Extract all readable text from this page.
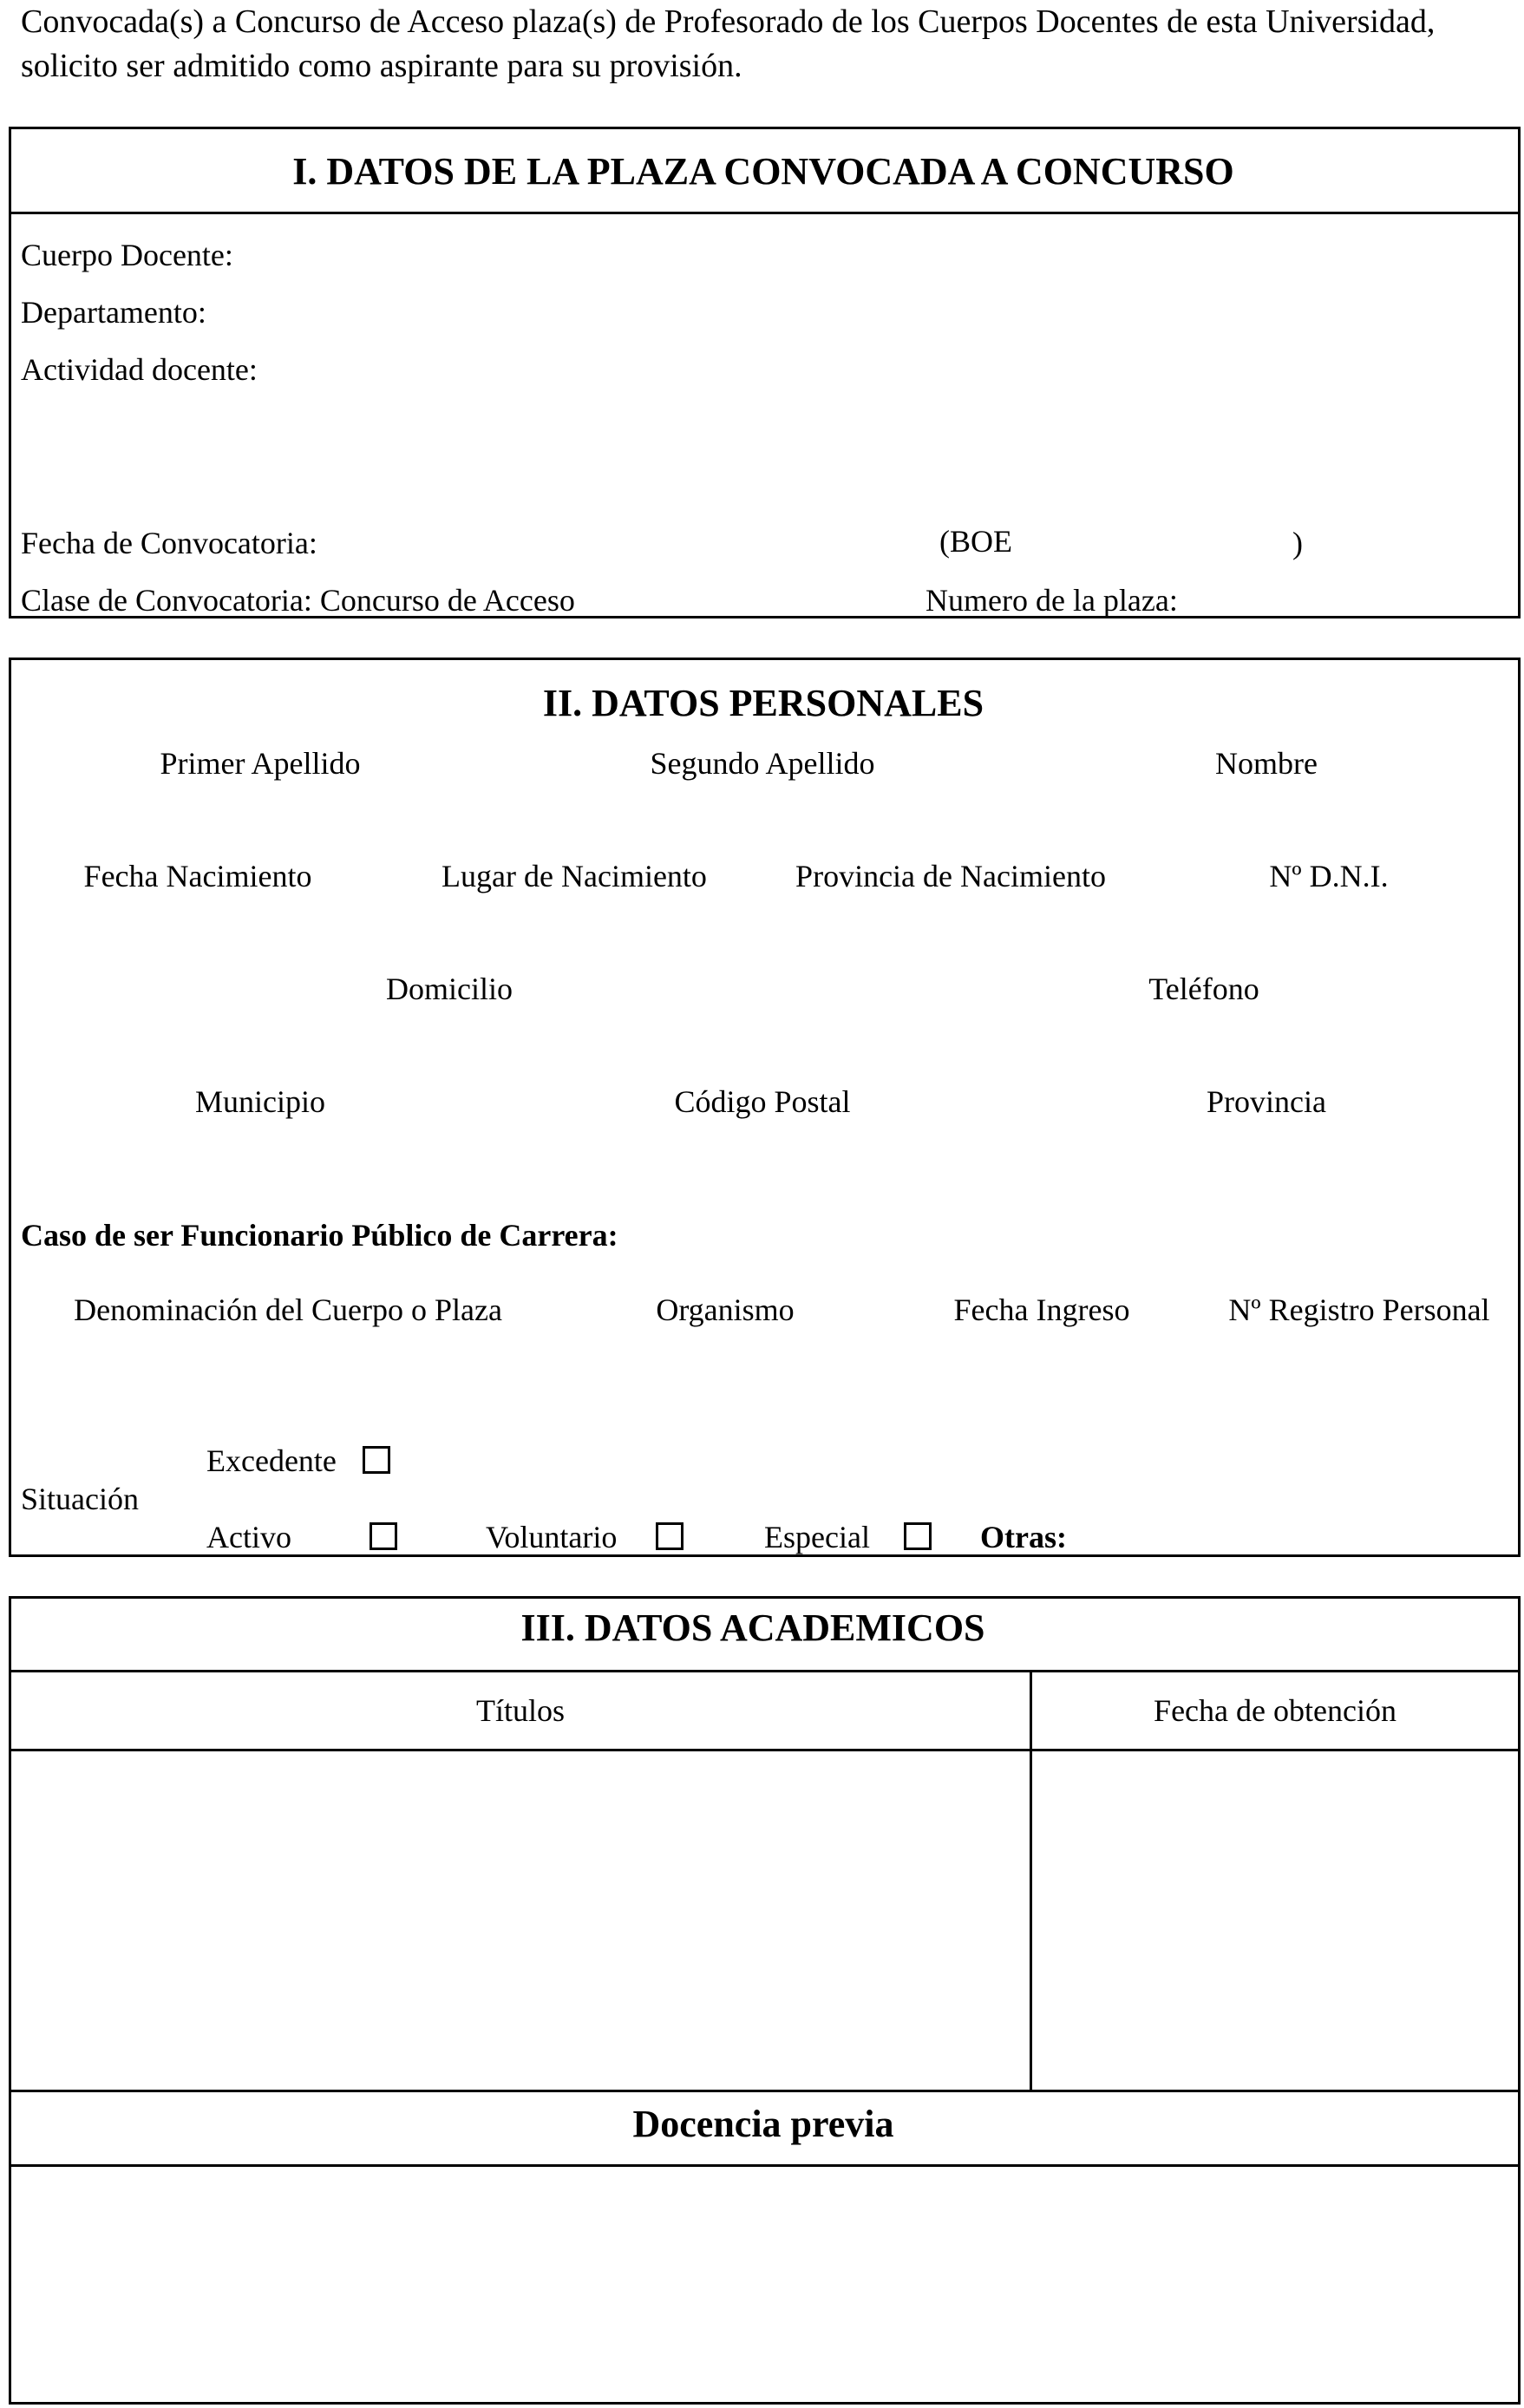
Convocada(s) a Concurso de Acceso plaza(s) de Profesorado de los Cuerpos Docentes de esta Universidad, solicito ser admitido como aspirante para su provisión.
I. DATOS DE LA PLAZA CONVOCADA A CONCURSO
Cuerpo Docente:
Departamento:
Actividad docente:
Fecha de Convocatoria:	(BOE	)
Clase de Convocatoria: Concurso de Acceso	Numero de la plaza:
II. DATOS PERSONALES
Primer Apellido	Segundo Apellido	Nombre
Fecha Nacimiento	Lugar de Nacimiento	Provincia de Nacimiento	Nº D.N.I.
Domicilio	Teléfono
Municipio	Código Postal	Provincia
Caso de ser Funcionario Público de Carrera:
Denominación del Cuerpo o Plaza	Organismo	Fecha Ingreso	Nº Registro Personal
Situación
Excedente
Activo	Voluntario	Especial	Otras:
III. DATOS ACADEMICOS
Títulos	Fecha de obtención
Docencia previa
